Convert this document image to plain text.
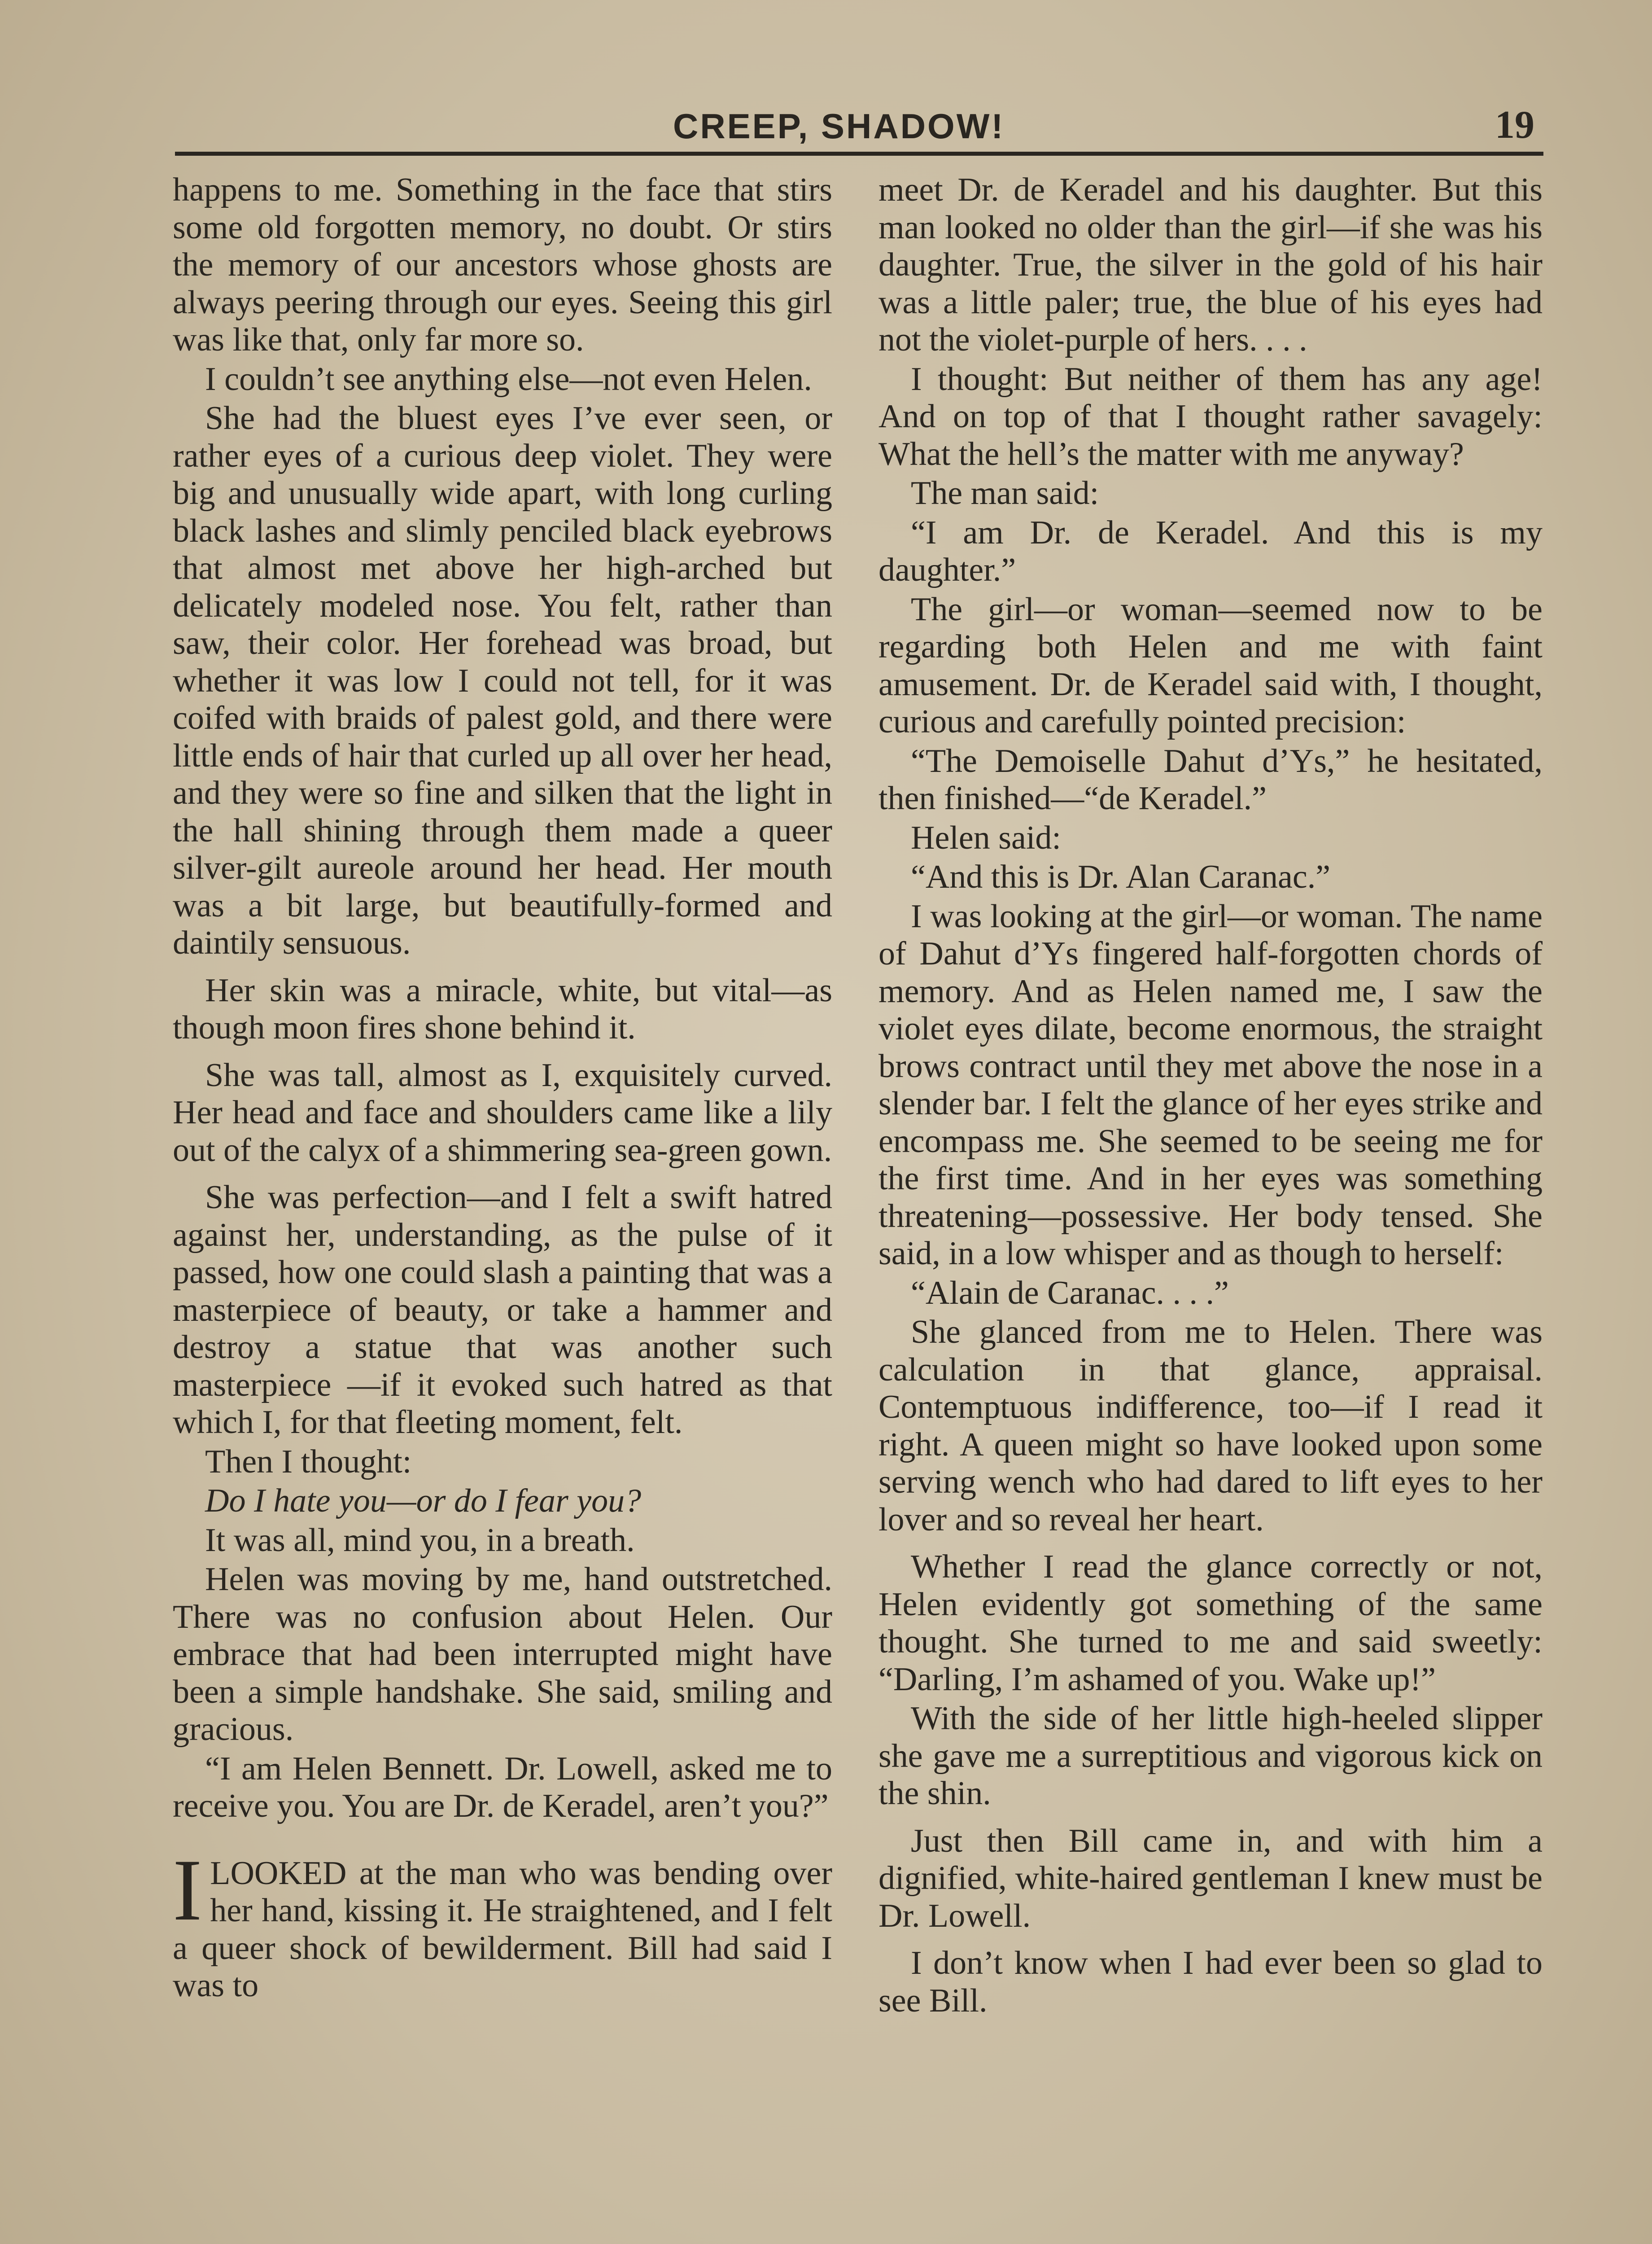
CREEP, SHADOW!	19

happens to me. Something in the face that stirs some old forgotten memory, no doubt. Or stirs the memory of our ancestors whose ghosts are always peering through our eyes. Seeing this girl was like that, only far more so.

I couldn’t see anything else—not even Helen.

She had the bluest eyes I’ve ever seen, or rather eyes of a curious deep violet. They were big and unusually wide apart, with long curling black lashes and slimly penciled black eyebrows that almost met above her high-arched but delicately modeled nose. You felt, rather than saw, their color. Her forehead was broad, but whether it was low I could not tell, for it was coifed with braids of palest gold, and there were little ends of hair that curled up all over her head, and they were so fine and silken that the light in the hall shining through them made a queer silver-gilt aureole around her head. Her mouth was a bit large, but beautifully-formed and daintily sensuous.

Her skin was a miracle, white, but vital—as though moon fires shone behind it.

She was tall, almost as I, exquisitely curved. Her head and face and shoulders came like a lily out of the calyx of a shimmering sea-green gown.

She was perfection—and I felt a swift hatred against her, understanding, as the pulse of it passed, how one could slash a painting that was a masterpiece of beauty, or take a hammer and destroy a statue that was another such masterpiece —if it evoked such hatred as that which I, for that fleeting moment, felt.

Then I thought:

Do I hate you—or do I fear you?

It was all, mind you, in a breath.

Helen was moving by me, hand outstretched. There was no confusion about Helen. Our embrace that had been interrupted might have been a simple handshake. She said, smiling and gracious.

“I am Helen Bennett. Dr. Lowell, asked me to receive you. You are Dr. de Keradel, aren’t you?”

I LOOKED at the man who was bending over her hand, kissing it. He straightened, and I felt a queer shock of bewilderment. Bill had said I was to

meet Dr. de Keradel and his daughter. But this man looked no older than the girl—if she was his daughter. True, the silver in the gold of his hair was a little paler; true, the blue of his eyes had not the violet-purple of hers. . . .

I thought: But neither of them has any age! And on top of that I thought rather savagely: What the hell’s the matter with me anyway?

The man said:

“I am Dr. de Keradel. And this is my daughter.”

The girl—or woman—seemed now to be regarding both Helen and me with faint amusement. Dr. de Keradel said with, I thought, curious and carefully pointed precision:

“The Demoiselle Dahut d’Ys,” he hesitated, then finished—“de Keradel.”

Helen said:

“And this is Dr. Alan Caranac.”

I was looking at the girl—or woman. The name of Dahut d’Ys fingered half-forgotten chords of memory. And as Helen named me, I saw the violet eyes dilate, become enormous, the straight brows contract until they met above the nose in a slender bar. I felt the glance of her eyes strike and encompass me. She seemed to be seeing me for the first time. And in her eyes was something threatening—possessive. Her body tensed. She said, in a low whisper and as though to herself:

“Alain de Caranac. . . .”

She glanced from me to Helen. There was calculation in that glance, appraisal. Contemptuous indifference, too—if I read it right. A queen might so have looked upon some serving wench who had dared to lift eyes to her lover and so reveal her heart.

Whether I read the glance correctly or not, Helen evidently got something of the same thought. She turned to me and said sweetly: “Darling, I’m ashamed of you. Wake up!”

With the side of her little high-heeled slipper she gave me a surreptitious and vigorous kick on the shin.

Just then Bill came in, and with him a dignified, white-haired gentleman I knew must be Dr. Lowell.

I don’t know when I had ever been so glad to see Bill.
